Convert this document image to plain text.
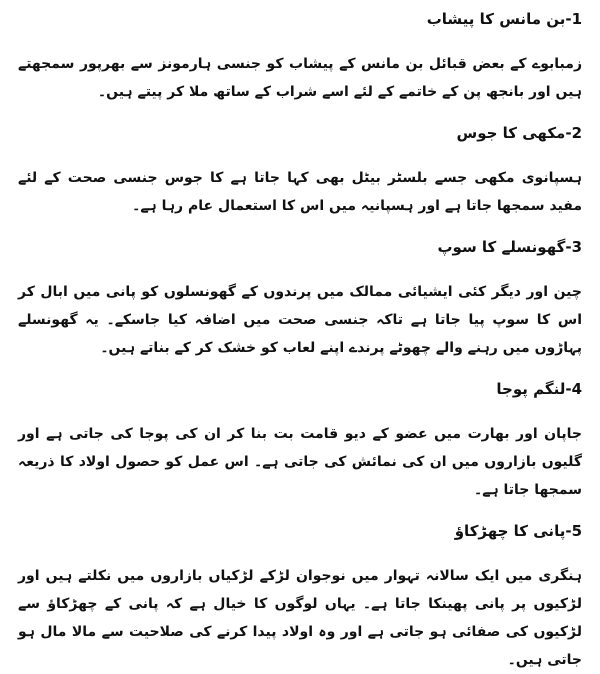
1-بن مانس کا پیشاب
زمبابوے کے بعض قبائل بن مانس کے پیشاب کو جنسی ہارمونز سے بھرپور سمجھتے ہیں اور بانجھ پن کے خاتمے کے لئے اسے شراب کے ساتھ ملا کر پیتے ہیں۔
2-مکھی کا جوس
ہسپانوی مکھی جسے بلسٹر بیٹل بھی کہا جاتا ہے کا جوس جنسی صحت کے لئے مفید سمجھا جاتا ہے اور ہسپانیہ میں اس کا استعمال عام رہا ہے۔
3-گھونسلے کا سوپ
چین اور دیگر کئی ایشیائی ممالک میں پرندوں کے گھونسلوں کو پانی میں ابال کر اس کا سوپ پیا جاتا ہے تاکہ جنسی صحت میں اضافہ کیا جاسکے۔ یہ گھونسلے پہاڑوں میں رہنے والے چھوٹے پرندے اپنے لعاب کو خشک کر کے بناتے ہیں۔
4-لنگم پوجا
جاپان اور بھارت میں عضو کے دیو قامت بت بنا کر ان کی پوجا کی جاتی ہے اور گلیوں بازاروں میں ان کی نمائش کی جاتی ہے۔ اس عمل کو حصول اولاد کا ذریعہ سمجھا جاتا ہے۔
5-پانی کا چھڑکاؤ
ہنگری میں ایک سالانہ تہوار میں نوجوان لڑکے لڑکیاں بازاروں میں نکلتے ہیں اور لڑکیوں پر پانی پھینکا جاتا ہے۔ یہاں لوگوں کا خیال ہے کہ پانی کے چھڑکاؤ سے لڑکیوں کی صفائی ہو جاتی ہے اور وہ اولاد پیدا کرنے کی صلاحیت سے مالا مال ہو جاتی ہیں۔
